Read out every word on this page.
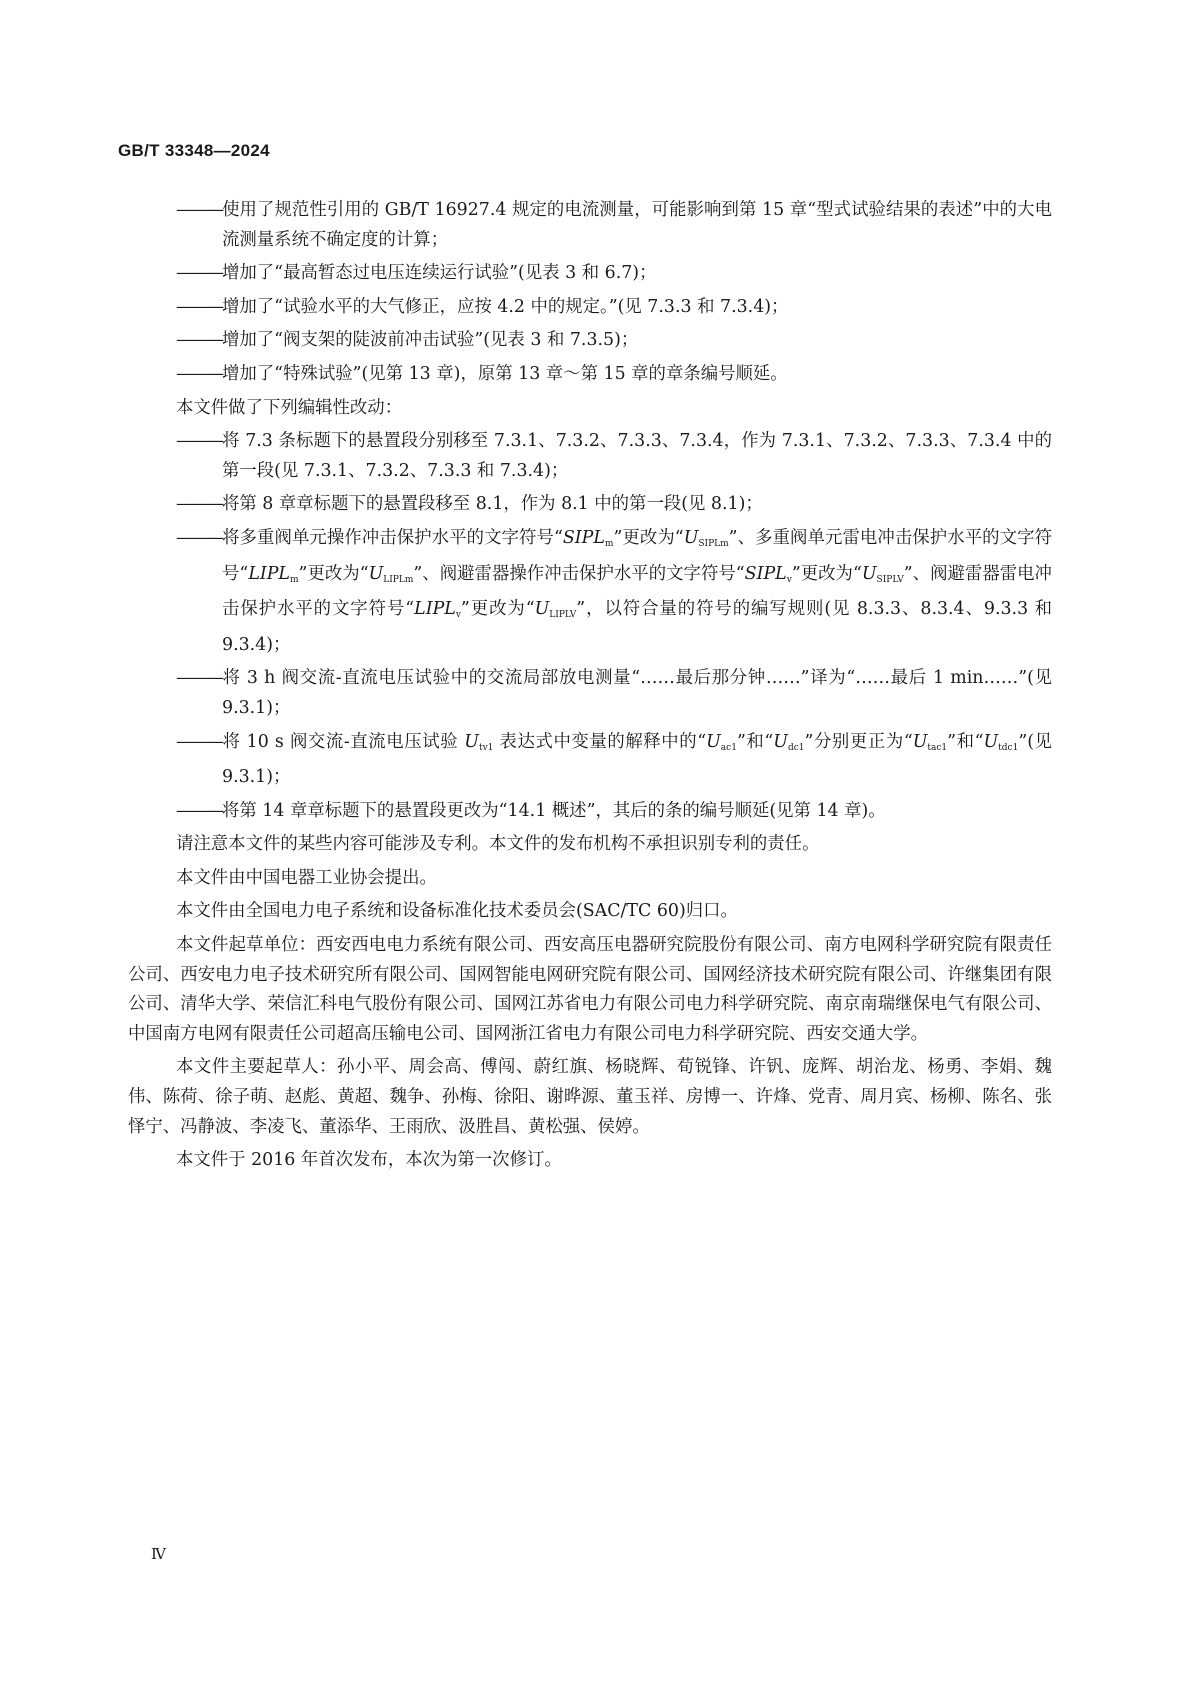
GB/T 33348—2024

———使用了规范性引用的 GB/T 16927.4 规定的电流测量，可能影响到第 15 章“型式试验结果的表述”中的大电流测量系统不确定度的计算；

———增加了“最高暂态过电压连续运行试验”(见表 3 和 6.7)；

———增加了“试验水平的大气修正，应按 4.2 中的规定。”(见 7.3.3 和 7.3.4)；

———增加了“阀支架的陡波前冲击试验”(见表 3 和 7.3.5)；

———增加了“特殊试验”(见第 13 章)，原第 13 章～第 15 章的章条编号顺延。

本文件做了下列编辑性改动：

———将 7.3 条标题下的悬置段分别移至 7.3.1、7.3.2、7.3.3、7.3.4，作为 7.3.1、7.3.2、7.3.3、7.3.4 中的第一段(见 7.3.1、7.3.2、7.3.3 和 7.3.4)；

———将第 8 章章标题下的悬置段移至 8.1，作为 8.1 中的第一段(见 8.1)；

———将多重阀单元操作冲击保护水平的文字符号“$SIPL_m$”更改为“$U_{SIPLm}$”、多重阀单元雷电冲击保护水平的文字符号“$LIPL_m$”更改为“$U_{LIPLm}$”、阀避雷器操作冲击保护水平的文字符号“$SIPL_v$”更改为“$U_{SIPLV}$”、阀避雷器雷电冲击保护水平的文字符号“$LIPL_v$”更改为“$U_{LIPLV}$”，以符合量的符号的编写规则(见 8.3.3、8.3.4、9.3.3 和 9.3.4)；

———将 3 h 阀交流-直流电压试验中的交流局部放电测量“……最后那分钟……”译为“……最后 1 min……”(见 9.3.1)；

———将 10 s 阀交流-直流电压试验 $U_{tv1}$ 表达式中变量的解释中的“$U_{ac1}$”和“$U_{dc1}$”分别更正为“$U_{tac1}$”和“$U_{tdc1}$”(见 9.3.1)；

———将第 14 章章标题下的悬置段更改为“14.1 概述”，其后的条的编号顺延(见第 14 章)。

请注意本文件的某些内容可能涉及专利。本文件的发布机构不承担识别专利的责任。

本文件由中国电器工业协会提出。

本文件由全国电力电子系统和设备标准化技术委员会(SAC/TC 60)归口。

本文件起草单位：西安西电电力系统有限公司、西安高压电器研究院股份有限公司、南方电网科学研究院有限责任公司、西安电力电子技术研究所有限公司、国网智能电网研究院有限公司、国网经济技术研究院有限公司、许继集团有限公司、清华大学、荣信汇科电气股份有限公司、国网江苏省电力有限公司电力科学研究院、南京南瑞继保电气有限公司、中国南方电网有限责任公司超高压输电公司、国网浙江省电力有限公司电力科学研究院、西安交通大学。

本文件主要起草人：孙小平、周会高、傅闯、蔚红旗、杨晓辉、荀锐锋、许钒、庞辉、胡治龙、杨勇、李娟、魏伟、陈荷、徐子萌、赵彪、黄超、魏争、孙梅、徐阳、谢晔源、董玉祥、房博一、许烽、党青、周月宾、杨柳、陈名、张怿宁、冯静波、李凌飞、董添华、王雨欣、汲胜昌、黄松强、侯婷。

本文件于 2016 年首次发布，本次为第一次修订。

Ⅳ
